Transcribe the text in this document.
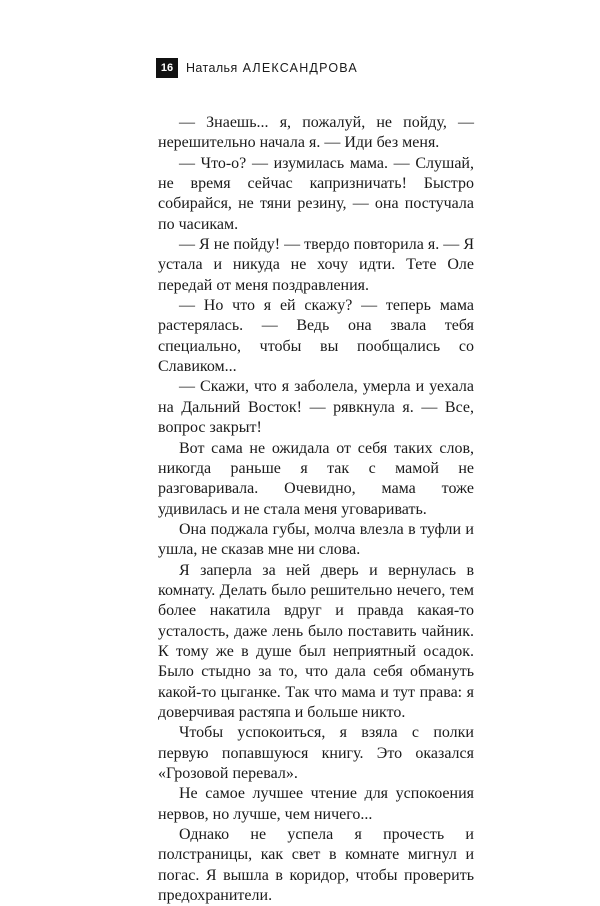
16	Наталья АЛЕКСАНДРОВА

— Знаешь... я, пожалуй, не пойду, — нерешительно начала я. — Иди без меня.

— Что-о? — изумилась мама. — Слушай, не время сейчас капризничать! Быстро собирайся, не тяни резину, — она постучала по часикам.

— Я не пойду! — твердо повторила я. — Я устала и никуда не хочу идти. Тете Оле передай от меня поздравления.

— Но что я ей скажу? — теперь мама растерялась. — Ведь она звала тебя специально, чтобы вы пообщались со Славиком...

— Скажи, что я заболела, умерла и уехала на Дальний Восток! — рявкнула я. — Все, вопрос закрыт!

Вот сама не ожидала от себя таких слов, никогда раньше я так с мамой не разговаривала. Очевидно, мама тоже удивилась и не стала меня уговаривать.

Она поджала губы, молча влезла в туфли и ушла, не сказав мне ни слова.

Я заперла за ней дверь и вернулась в комнату. Делать было решительно нечего, тем более накатила вдруг и правда какая-то усталость, даже лень было поставить чайник. К тому же в душе был неприятный осадок. Было стыдно за то, что дала себя обмануть какой-то цыганке. Так что мама и тут права: я доверчивая растяпа и больше никто.

Чтобы успокоиться, я взяла с полки первую попавшуюся книгу. Это оказался «Грозовой перевал».

Не самое лучшее чтение для успокоения нервов, но лучше, чем ничего...

Однако не успела я прочесть и полстраницы, как свет в комнате мигнул и погас. Я вышла в коридор, чтобы проверить предохранители.
